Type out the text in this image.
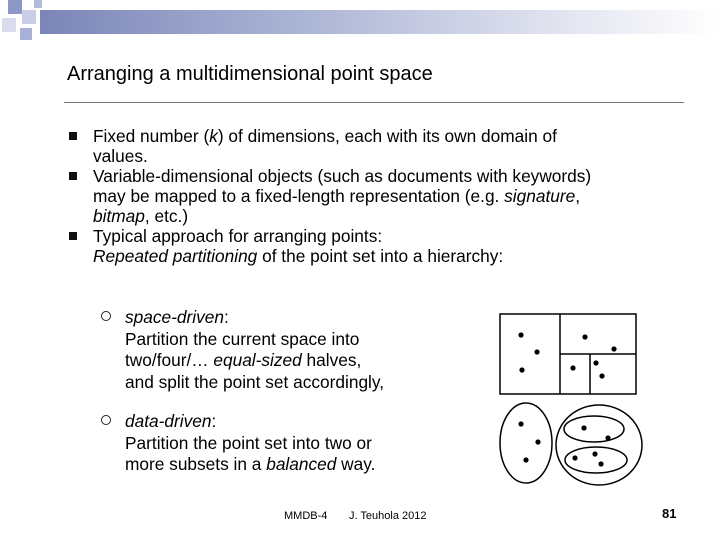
Arranging a multidimensional point space
Fixed number (k) of dimensions, each with its own domain of
values.
Variable-dimensional objects (such as documents with keywords)
may be mapped to a fixed-length representation (e.g. signature,
bitmap, etc.)
Typical approach for arranging points:
Repeated partitioning of the point set into a hierarchy:
space-driven:
Partition the current space into
two/four/… equal-sized halves,
and split the point set accordingly,
data-driven:
Partition the point set into two or
more subsets in a balanced way.
MMDB-4 J. Teuhola 2012	81
